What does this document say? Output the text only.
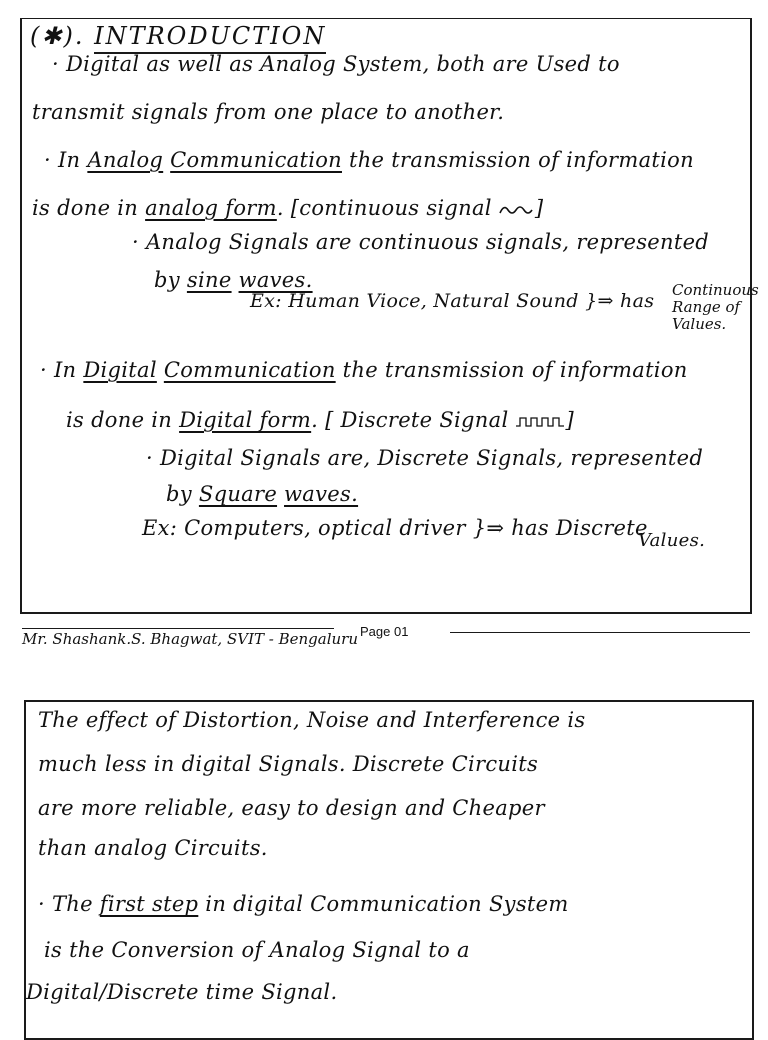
(✱). INTRODUCTION
· Digital as well as Analog System, both are Used to
transmit signals from one place to another.
· In Analog Communication the transmission of information
is done in analog form. [continuous signal ]
· Analog Signals are continuous signals, represented
by sine waves.
Ex: Human Vioce, Natural Sound }⇒ has Continuous
Range of
Values.
· In Digital Communication the transmission of information
is done in Digital form. [ Discrete Signal	]
· Digital Signals are, Discrete Signals, represented
by Square waves.
Ex: Computers, optical driver }⇒ has Discrete
Values.
Mr. Shashank.S. Bhagwat, SVIT - Bengaluru Page 01
The effect of Distortion, Noise and Interference is
much less in digital Signals. Discrete Circuits
are more reliable, easy to design and Cheaper
than analog Circuits.
· The first step in digital Communication System
is the Conversion of Analog Signal to a
Digital/Discrete time Signal.
